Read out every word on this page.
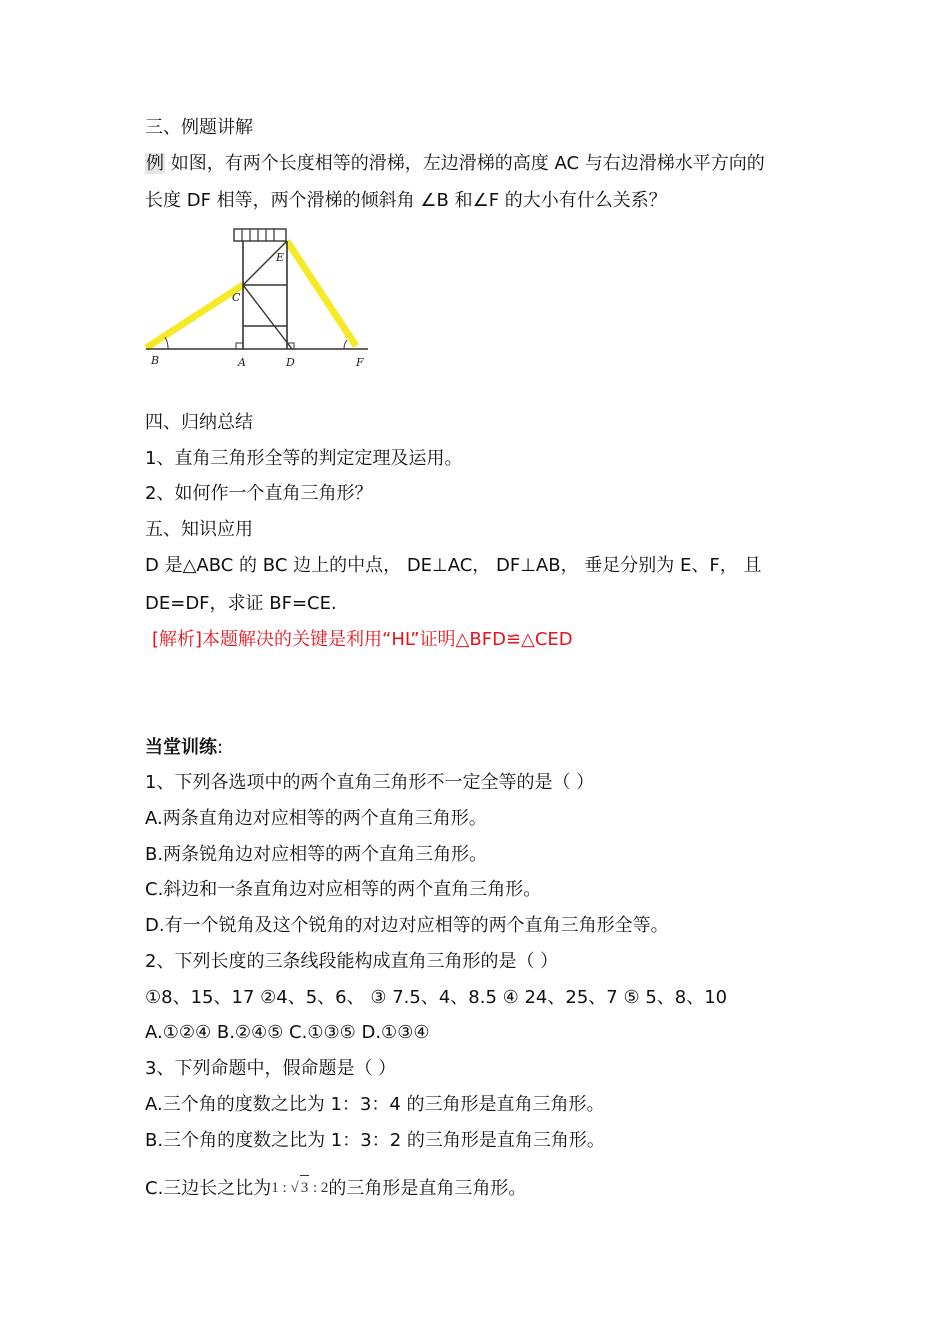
三、例题讲解
例 如图，有两个长度相等的滑梯，左边滑梯的高度 AC 与右边滑梯水平方向的
长度 DF 相等，两个滑梯的倾斜角 ∠B 和∠F 的大小有什么关系？
B	A	D	F
C
E
四、归纳总结
1、直角三角形全等的判定定理及运用。
2、如何作一个直角三角形？
五、知识应用
D 是△ABC 的 BC 边上的中点， DE⊥AC， DF⊥AB， 垂足分别为 E、F， 且
DE=DF，求证 BF=CE.
[解析]本题解决的关键是利用“HL”证明△BFD≌△CED
当堂训练:
1、下列各选项中的两个直角三角形不一定全等的是（ ）
A.两条直角边对应相等的两个直角三角形。
B.两条锐角边对应相等的两个直角三角形。
C.斜边和一条直角边对应相等的两个直角三角形。
D.有一个锐角及这个锐角的对边对应相等的两个直角三角形全等。
2、下列长度的三条线段能构成直角三角形的是（ ）
①8、15、17 ②4、5、6、 ③ 7.5、4、8.5 ④ 24、25、7 ⑤ 5、8、10
A.①②④ B.②④⑤ C.①③⑤ D.①③④
3、下列命题中，假命题是（ ）
A.三个角的度数之比为 1：3：4 的三角形是直角三角形。
B.三个角的度数之比为 1：3：2 的三角形是直角三角形。
C.三边长之比为1 : √ 3 : 2的三角形是直角三角形。
